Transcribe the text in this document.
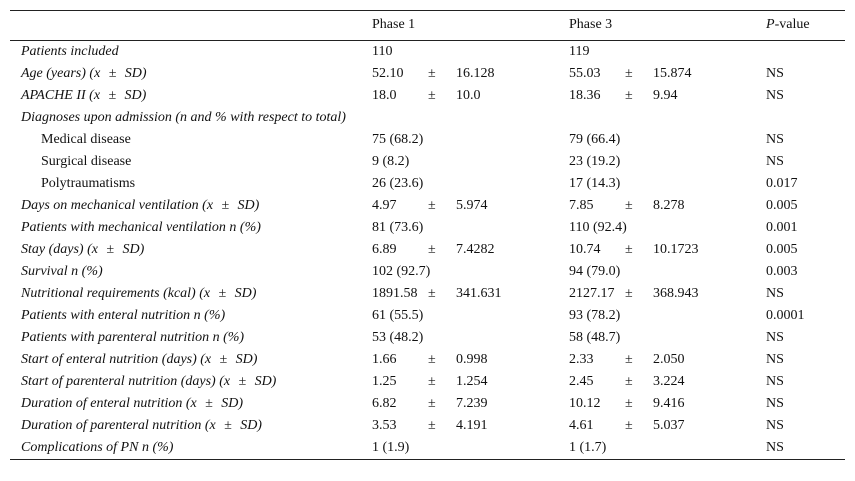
	Phase 1	Phase 3	P-value
Patients included	110	119	
Age (years) (x   ±   SD)	52.10 ± 16.128	55.03 ± 15.874	NS
APACHE II (x   ±   SD)	18.0 ± 10.0	18.36 ± 9.94	NS
Diagnoses upon admission (n and % with respect to total)			
Medical disease	75 (68.2)	79 (66.4)	NS
Surgical disease	9 (8.2)	23 (19.2)	NS
Polytraumatisms	26 (23.6)	17 (14.3)	0.017
Days on mechanical ventilation (x   ±   SD)	4.97 ± 5.974	7.85 ± 8.278	0.005
Patients with mechanical ventilation n (%)	81 (73.6)	110 (92.4)	0.001
Stay (days) (x   ±   SD)	6.89 ± 7.4282	10.74 ± 10.1723	0.005
Survival n (%)	102 (92.7)	94 (79.0)	0.003
Nutritional requirements (kcal) (x   ±   SD)	1891.58 ± 341.631	2127.17 ± 368.943	NS
Patients with enteral nutrition n (%)	61 (55.5)	93 (78.2)	0.0001
Patients with parenteral nutrition n (%)	53 (48.2)	58 (48.7)	NS
Start of enteral nutrition (days) (x   ±   SD)	1.66 ± 0.998	2.33 ± 2.050	NS
Start of parenteral nutrition (days) (x   ±   SD)	1.25 ± 1.254	2.45 ± 3.224	NS
Duration of enteral nutrition (x   ±   SD)	6.82 ± 7.239	10.12 ± 9.416	NS
Duration of parenteral nutrition (x   ±   SD)	3.53 ± 4.191	4.61 ± 5.037	NS
Complications of PN n (%)	1 (1.9)	1 (1.7)	NS
